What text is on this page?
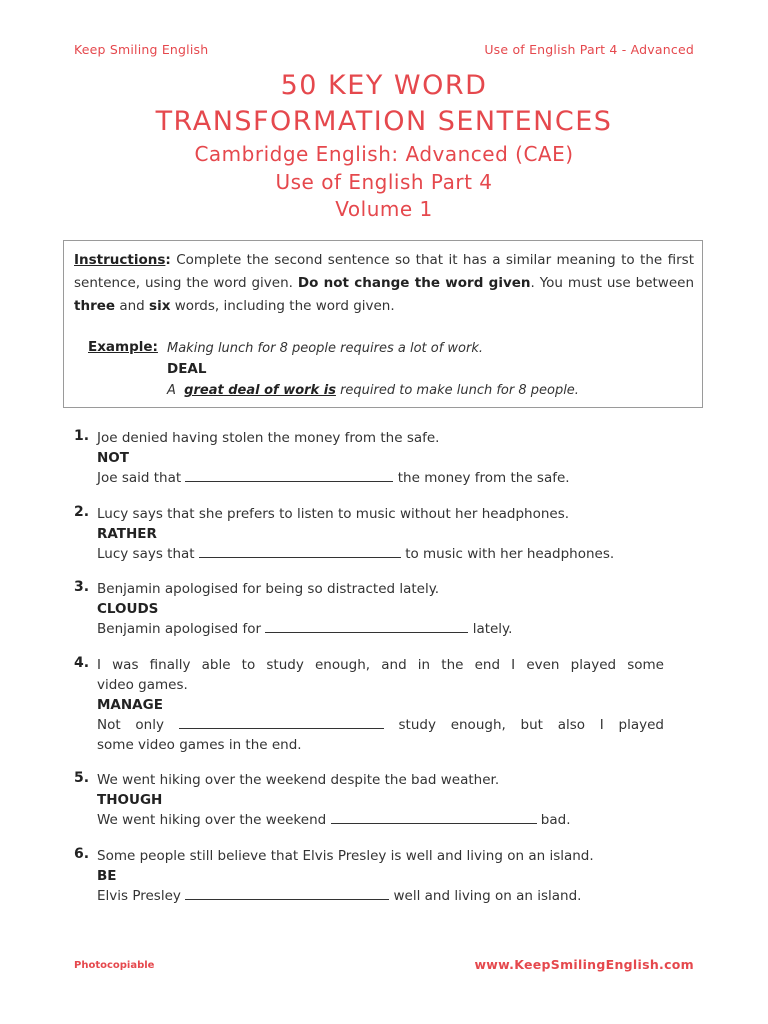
Keep Smiling English	Use of English Part 4 - Advanced
50 KEY WORD
TRANSFORMATION SENTENCES
Cambridge English: Advanced (CAE)
Use of English Part 4
Volume 1
Instructions: Complete the second sentence so that it has a similar meaning to the first sentence, using the word given. Do not change the word given. You must use between three and six words, including the word given.
Example: Making lunch for 8 people requires a lot of work.
DEAL
A great deal of work is required to make lunch for 8 people.
1. Joe denied having stolen the money from the safe.
NOT
Joe said that	the money from the safe.
2. Lucy says that she prefers to listen to music without her headphones.
RATHER
Lucy says that	to music with her headphones.
3. Benjamin apologised for being so distracted lately.
CLOUDS
Benjamin apologised for	lately.
4. I was finally able to study enough, and in the end I even played some
video games.
MANAGE
Not only	study enough, but also I played
some video games in the end.
5. We went hiking over the weekend despite the bad weather.
THOUGH
We went hiking over the weekend	bad.
6. Some people still believe that Elvis Presley is well and living on an island.
BE
Elvis Presley	well and living on an island.
Photocopiable	www.KeepSmilingEnglish.com
